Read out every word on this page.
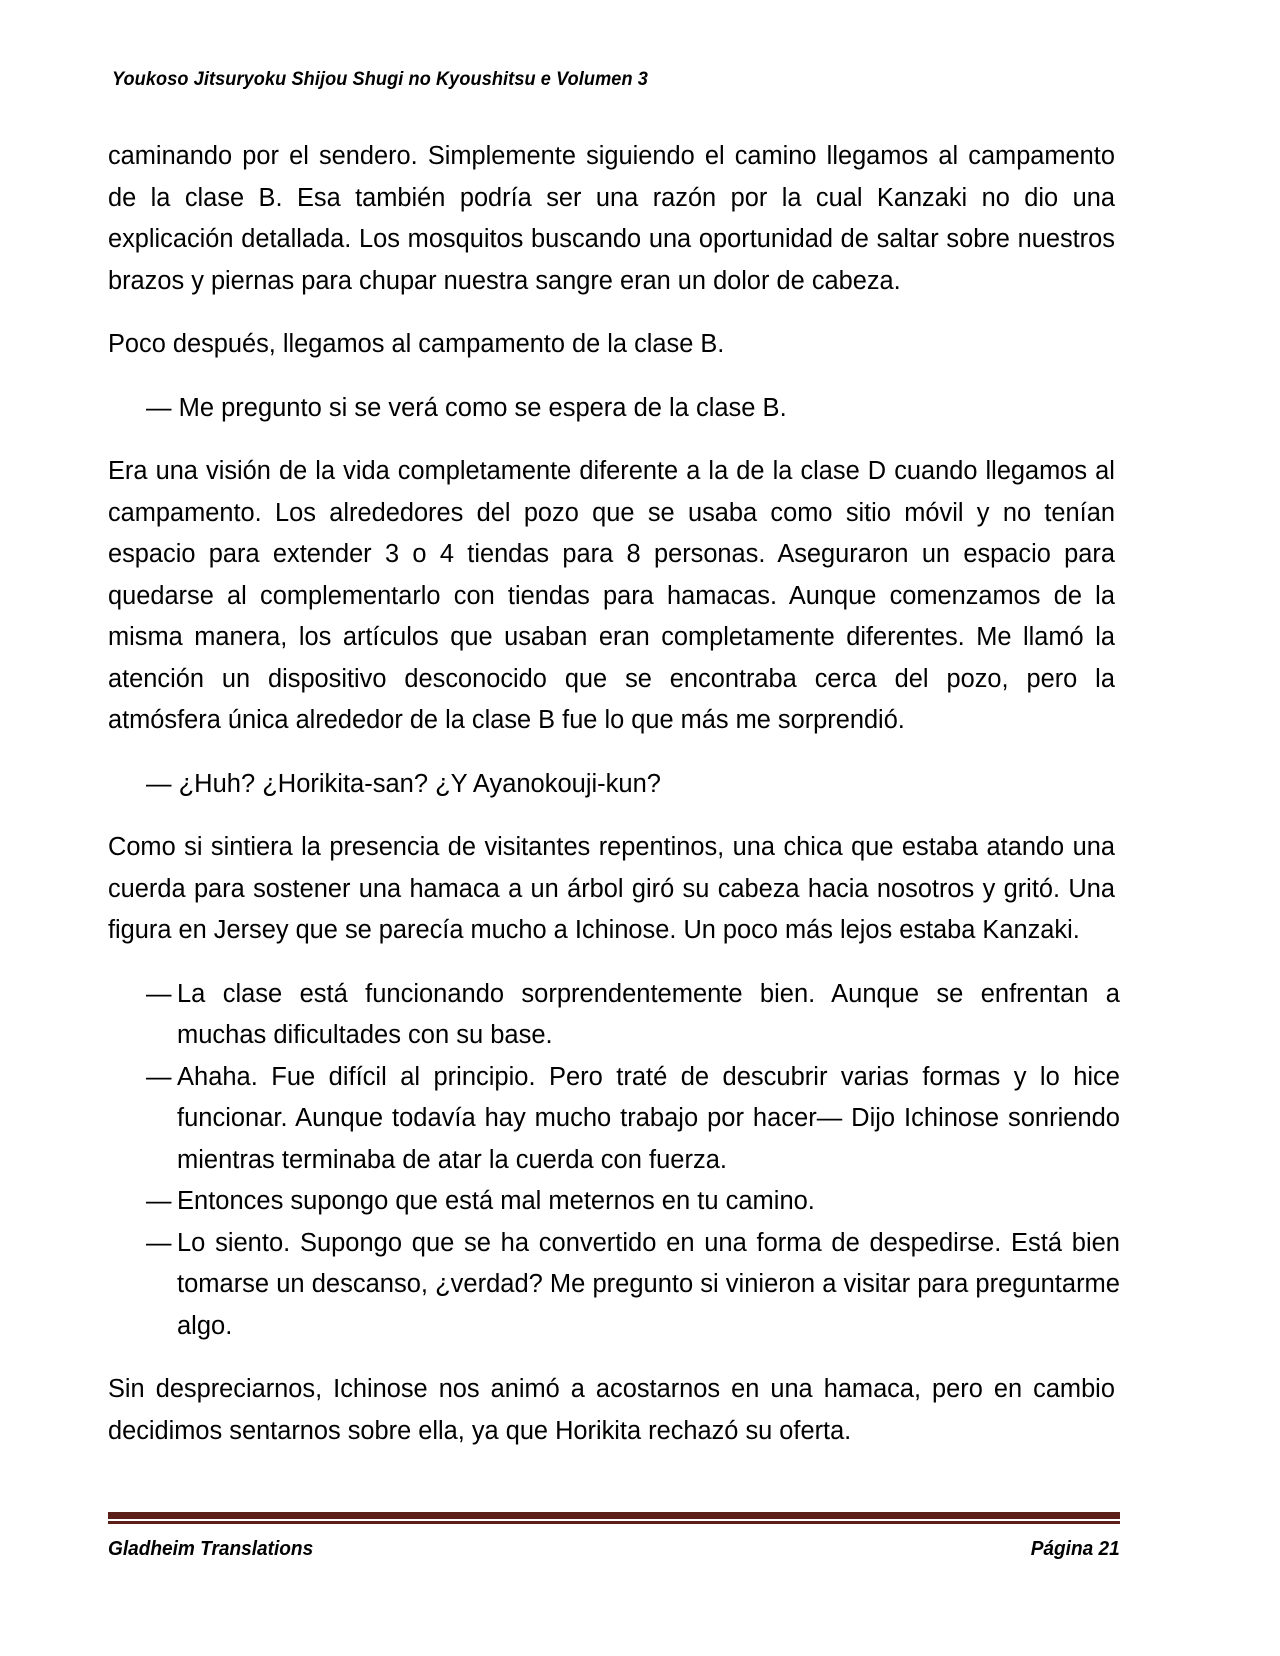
Youkoso Jitsuryoku Shijou Shugi no Kyoushitsu e Volumen 3

caminando por el sendero. Simplemente siguiendo el camino llegamos al campamento de la clase B. Esa también podría ser una razón por la cual Kanzaki no dio una explicación detallada. Los mosquitos buscando una oportunidad de saltar sobre nuestros brazos y piernas para chupar nuestra sangre eran un dolor de cabeza.

Poco después, llegamos al campamento de la clase B.

— Me pregunto si se verá como se espera de la clase B.

Era una visión de la vida completamente diferente a la de la clase D cuando llegamos al campamento. Los alrededores del pozo que se usaba como sitio móvil y no tenían espacio para extender 3 o 4 tiendas para 8 personas. Aseguraron un espacio para quedarse al complementarlo con tiendas para hamacas. Aunque comenzamos de la misma manera, los artículos que usaban eran completamente diferentes. Me llamó la atención un dispositivo desconocido que se encontraba cerca del pozo, pero la atmósfera única alrededor de la clase B fue lo que más me sorprendió.

— ¿Huh? ¿Horikita-san? ¿Y Ayanokouji-kun?

Como si sintiera la presencia de visitantes repentinos, una chica que estaba atando una cuerda para sostener una hamaca a un árbol giró su cabeza hacia nosotros y gritó. Una figura en Jersey que se parecía mucho a Ichinose. Un poco más lejos estaba Kanzaki.

— La clase está funcionando sorprendentemente bien. Aunque se enfrentan a muchas dificultades con su base.
— Ahaha. Fue difícil al principio. Pero traté de descubrir varias formas y lo hice funcionar. Aunque todavía hay mucho trabajo por hacer— Dijo Ichinose sonriendo mientras terminaba de atar la cuerda con fuerza.
— Entonces supongo que está mal meternos en tu camino.
— Lo siento. Supongo que se ha convertido en una forma de despedirse. Está bien tomarse un descanso, ¿verdad? Me pregunto si vinieron a visitar para preguntarme algo.

Sin despreciarnos, Ichinose nos animó a acostarnos en una hamaca, pero en cambio decidimos sentarnos sobre ella, ya que Horikita rechazó su oferta.

Gladheim Translations	Página 21
